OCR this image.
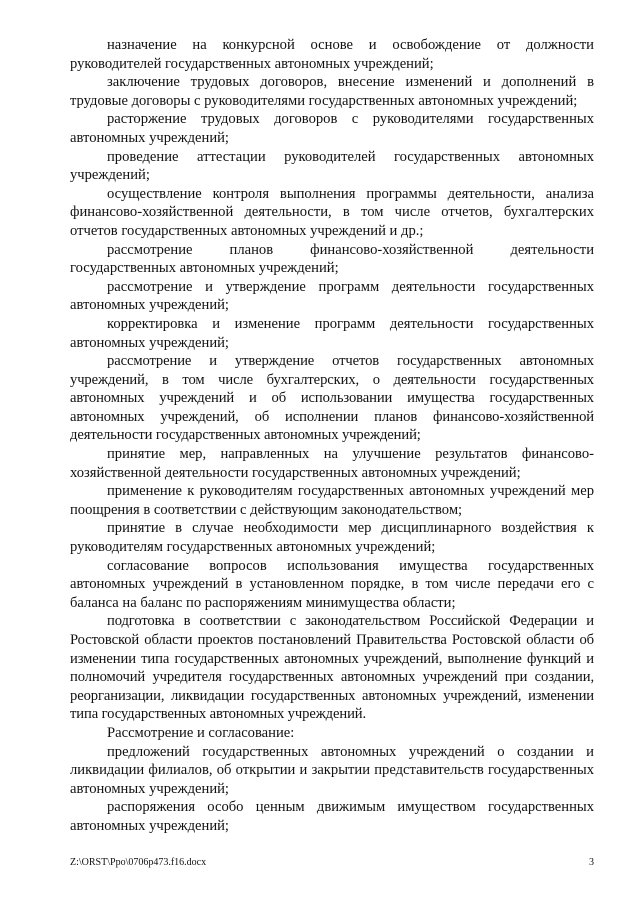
назначение на конкурсной основе и освобождение от должности руководителей государственных автономных учреждений;

заключение трудовых договоров, внесение изменений и дополнений в трудовые договоры с руководителями государственных автономных учреждений;

расторжение трудовых договоров с руководителями государственных автономных учреждений;

проведение аттестации руководителей государственных автономных учреждений;

осуществление контроля выполнения программы деятельности, анализа финансово-хозяйственной деятельности, в том числе отчетов, бухгалтерских отчетов государственных автономных учреждений и др.;

рассмотрение планов финансово-хозяйственной деятельности государственных автономных учреждений;

рассмотрение и утверждение программ деятельности государственных автономных учреждений;

корректировка и изменение программ деятельности государственных автономных учреждений;

рассмотрение и утверждение отчетов государственных автономных учреждений, в том числе бухгалтерских, о деятельности государственных автономных учреждений и об использовании имущества государственных автономных учреждений, об исполнении планов финансово-хозяйственной деятельности государственных автономных учреждений;

принятие мер, направленных на улучшение результатов финансово-хозяйственной деятельности государственных автономных учреждений;

применение к руководителям государственных автономных учреждений мер поощрения в соответствии с действующим законодательством;

принятие в случае необходимости мер дисциплинарного воздействия к руководителям государственных автономных учреждений;

согласование вопросов использования имущества государственных автономных учреждений в установленном порядке, в том числе передачи его с баланса на баланс по распоряжениям минимущества области;

подготовка в соответствии с законодательством Российской Федерации и Ростовской области проектов постановлений Правительства Ростовской области об изменении типа государственных автономных учреждений, выполнение функций и полномочий учредителя государственных автономных учреждений при создании, реорганизации, ликвидации государственных автономных учреждений, изменении типа государственных автономных учреждений.

Рассмотрение и согласование:

предложений государственных автономных учреждений о создании и ликвидации филиалов, об открытии и закрытии представительств государственных автономных учреждений;

распоряжения особо ценным движимым имуществом государственных автономных учреждений;

Z:\ORST\Ppo\0706p473.f16.docx	3
